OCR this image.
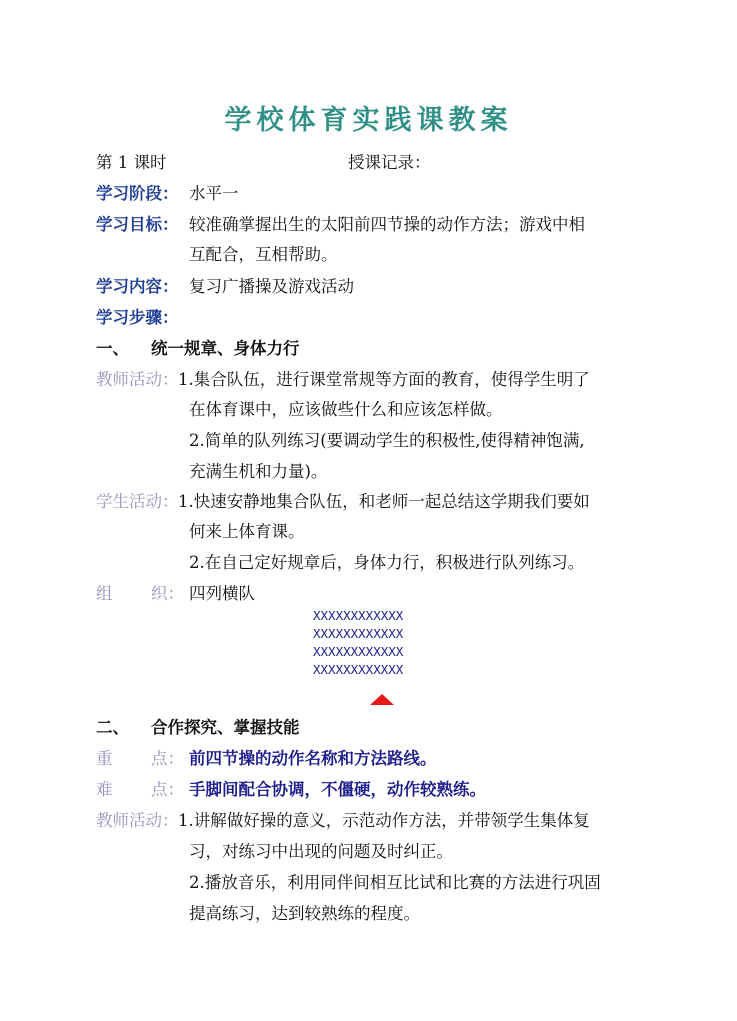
学校体育实践课教案
第 1 课时	授课记录：
学习阶段： 水平一
学习目标： 较准确掌握出生的太阳前四节操的动作方法；游戏中相
互配合，互相帮助。
学习内容： 复习广播操及游戏活动
学习步骤：
一、 统一规章、身体力行
教师活动： 1.集合队伍，进行课堂常规等方面的教育，使得学生明了
在体育课中，应该做些什么和应该怎样做。
2.简单的队列练习(要调动学生的积极性,使得精神饱满,
充满生机和力量)。
学生活动： 1.快速安静地集合队伍，和老师一起总结这学期我们要如
何来上体育课。
2.在自己定好规章后，身体力行，积极进行队列练习。
组 织： 四列横队
XXXXXXXXXXXX
XXXXXXXXXXXX
XXXXXXXXXXXX
XXXXXXXXXXXX
二、 合作探究、掌握技能
重 点： 前四节操的动作名称和方法路线。
难 点： 手脚间配合协调，不僵硬，动作较熟练。
教师活动： 1.讲解做好操的意义，示范动作方法，并带领学生集体复
习，对练习中出现的问题及时纠正。
2.播放音乐，利用同伴间相互比试和比赛的方法进行巩固
提高练习，达到较熟练的程度。
